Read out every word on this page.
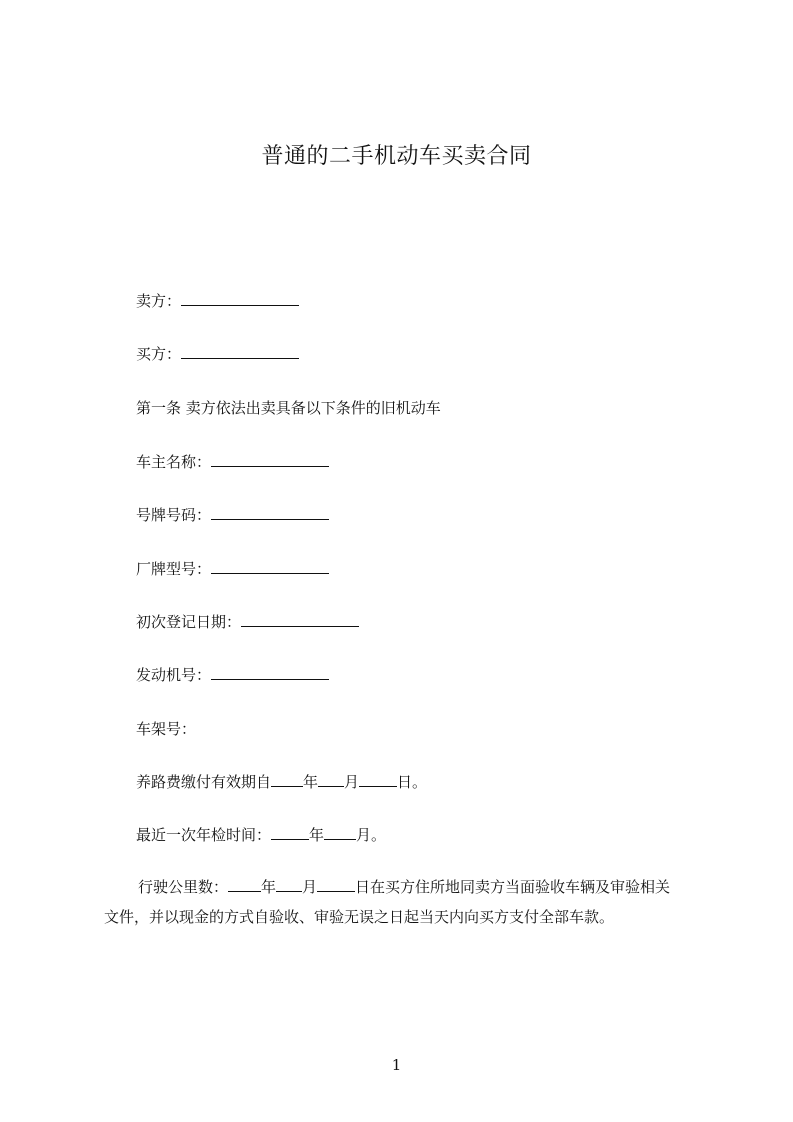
普通的二手机动车买卖合同
卖方：
买方：
第一条 卖方依法出卖具备以下条件的旧机动车
车主名称：
号牌号码：
厂牌型号：
初次登记日期：
发动机号：
车架号：
养路费缴付有效期自 年 月	日。
最近一次年检时间：	年 月。
行驶公里数： 年 月	日在买方住所地同卖方当面验收车辆及审验相关
文件，并以现金的方式自验收、审验无误之日起当天内向买方支付全部车款。
1
